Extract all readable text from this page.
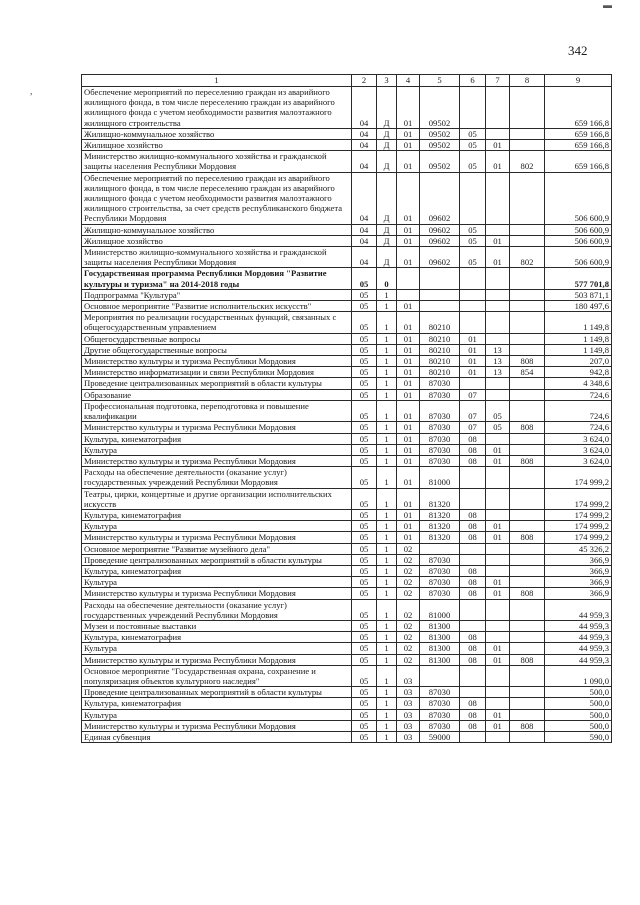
▬
,
342
1	2	3	4	5	6	7	8	9
Обеспечение мероприятий по переселению граждан из аварийного жилищного фонда, в том числе переселению граждан из аварийного жилищного фонда с учетом необходимости развития малоэтажного жилищного строительства	04	Д	01	09502				659 166,8
Жилищно-коммунальное хозяйство	04	Д	01	09502	05			659 166,8
Жилищное хозяйство	04	Д	01	09502	05	01		659 166,8
Министерство жилищно-коммунального хозяйства и гражданской защиты населения Республики Мордовия	04	Д	01	09502	05	01	802	659 166,8
Обеспечение мероприятий по переселению граждан из аварийного жилищного фонда, в том числе переселению граждан из аварийного жилищного фонда с учетом необходимости развития малоэтажного жилищного строительства, за счет средств республиканского бюджета Республики Мордовия	04	Д	01	09602				506 600,9
Жилищно-коммунальное хозяйство	04	Д	01	09602	05			506 600,9
Жилищное хозяйство	04	Д	01	09602	05	01		506 600,9
Министерство жилищно-коммунального хозяйства и гражданской защиты населения Республики Мордовия	04	Д	01	09602	05	01	802	506 600,9
Государственная программа Республики Мордовия "Развитие культуры и туризма" на 2014-2018 годы	05	0						577 701,8
Подпрограмма "Культура"	05	1						503 871,1
Основное мероприятие "Развитие исполнительских искусств"	05	1	01					180 497,6
Мероприятия по реализации государственных функций, связанных с общегосударственным управлением	05	1	01	80210				1 149,8
Общегосударственные вопросы	05	1	01	80210	01			1 149,8
Другие общегосударственные вопросы	05	1	01	80210	01	13		1 149,8
Министерство культуры и туризма Республики Мордовия	05	1	01	80210	01	13	808	207,0
Министерство информатизации и связи Республики Мордовия	05	1	01	80210	01	13	854	942,8
Проведение централизованных мероприятий в области культуры	05	1	01	87030				4 348,6
Образование	05	1	01	87030	07			724,6
Профессиональная подготовка, переподготовка и повышение квалификации	05	1	01	87030	07	05		724,6
Министерство культуры и туризма Республики Мордовия	05	1	01	87030	07	05	808	724,6
Культура, кинематография	05	1	01	87030	08			3 624,0
Культура	05	1	01	87030	08	01		3 624,0
Министерство культуры и туризма Республики Мордовия	05	1	01	87030	08	01	808	3 624,0
Расходы на обеспечение деятельности (оказание услуг) государственных учреждений Республики Мордовия	05	1	01	81000				174 999,2
Театры, цирки, концертные и другие организации исполнительских искусств	05	1	01	81320				174 999,2
Культура, кинематография	05	1	01	81320	08			174 999,2
Культура	05	1	01	81320	08	01		174 999,2
Министерство культуры и туризма Республики Мордовия	05	1	01	81320	08	01	808	174 999,2
Основное мероприятие "Развитие музейного дела"	05	1	02					45 326,2
Проведение централизованных мероприятий в области культуры	05	1	02	87030				366,9
Культура, кинематография	05	1	02	87030	08			366,9
Культура	05	1	02	87030	08	01		366,9
Министерство культуры и туризма Республики Мордовия	05	1	02	87030	08	01	808	366,9
Расходы на обеспечение деятельности (оказание услуг) государственных учреждений Республики Мордовия	05	1	02	81000				44 959,3
Музеи и постоянные выставки	05	1	02	81300				44 959,3
Культура, кинематография	05	1	02	81300	08			44 959,3
Культура	05	1	02	81300	08	01		44 959,3
Министерство культуры и туризма Республики Мордовия	05	1	02	81300	08	01	808	44 959,3
Основное мероприятие "Государственная охрана, сохранение и популяризация объектов культурного наследия"	05	1	03					1 090,0
Проведение централизованных мероприятий в области культуры	05	1	03	87030				500,0
Культура, кинематография	05	1	03	87030	08			500,0
Культура	05	1	03	87030	08	01		500,0
Министерство культуры и туризма Республики Мордовия	05	1	03	87030	08	01	808	500,0
Единая субвенция	05	1	03	59000				590,0
